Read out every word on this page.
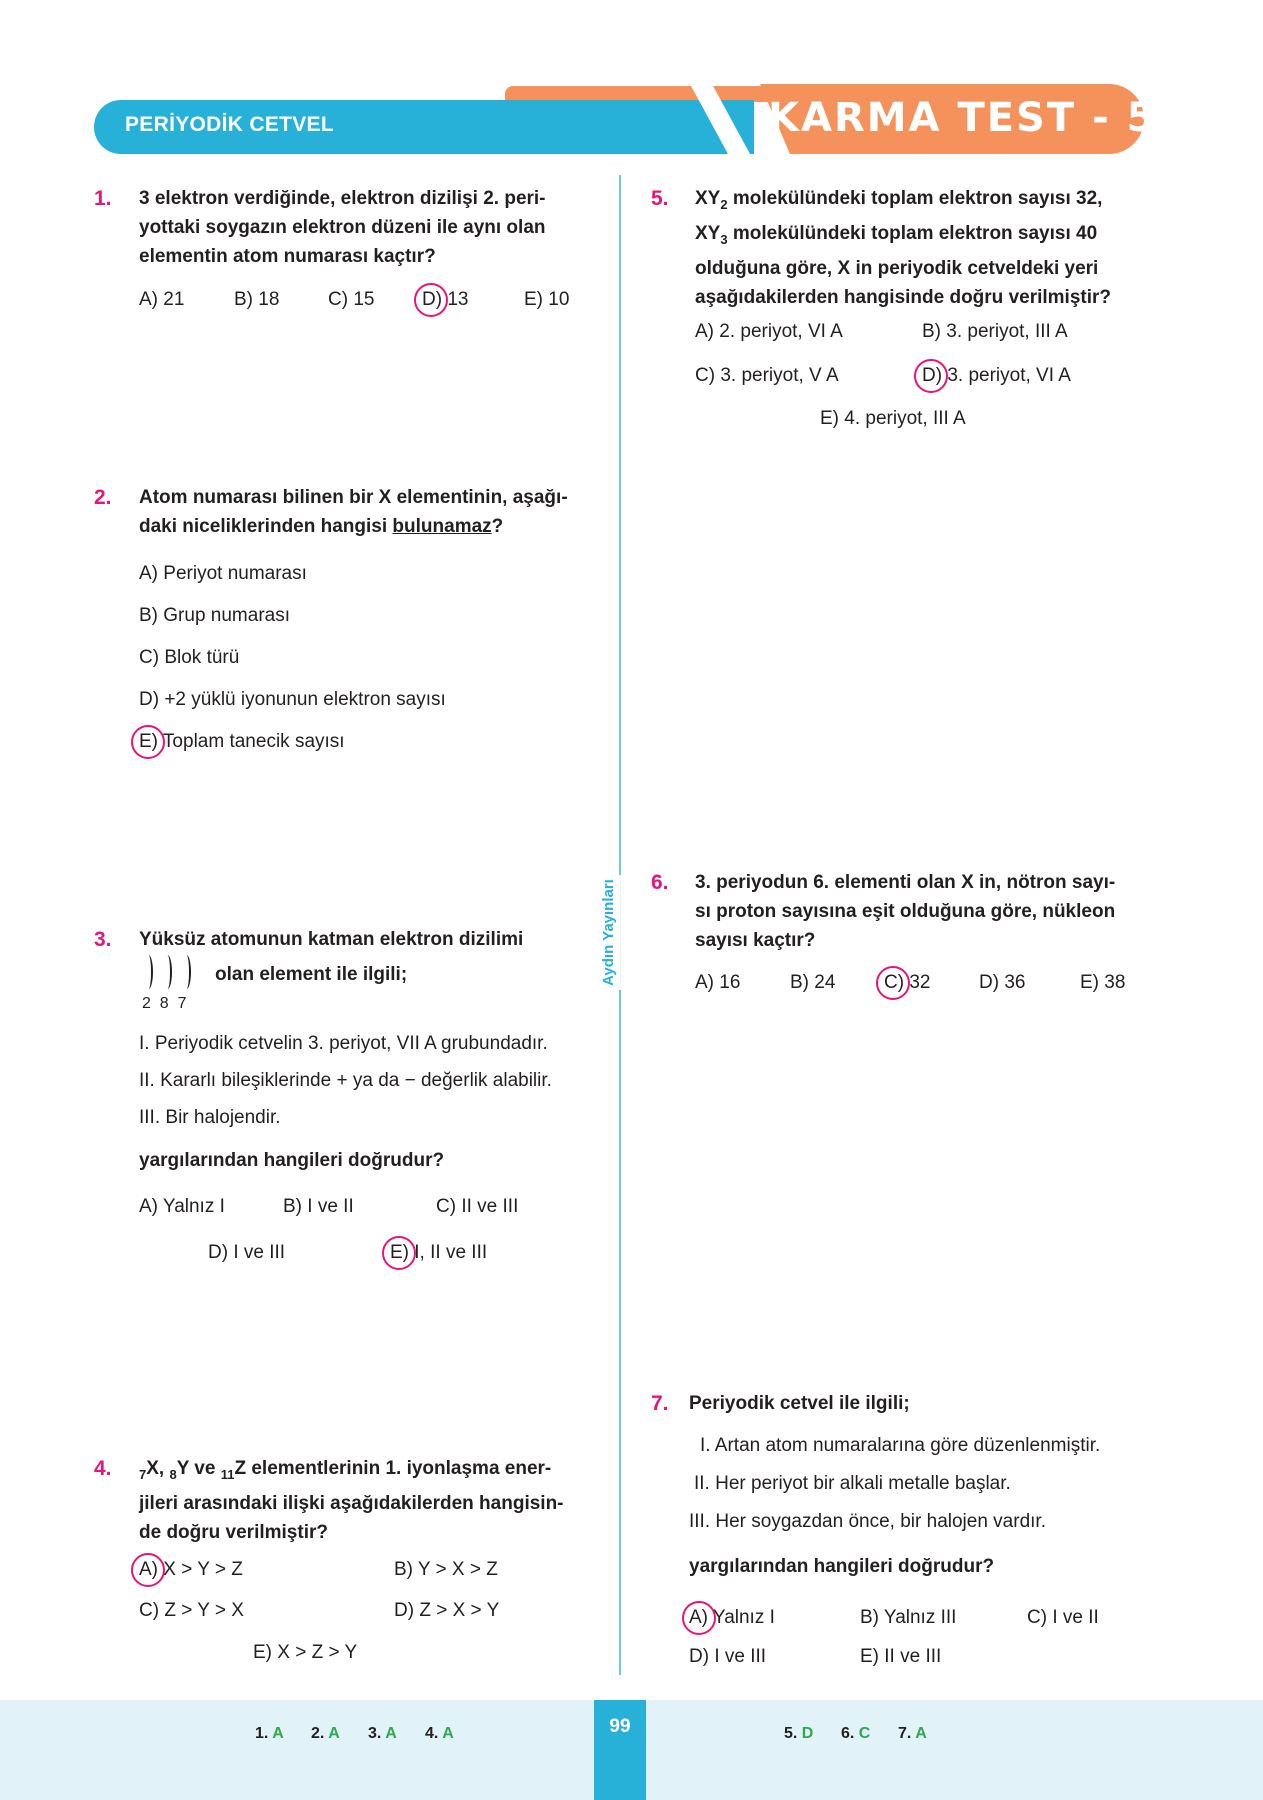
PERİYODİK CETVEL	KARMA TEST - 5
Aydın Yayınları
1. 3 elektron verdiğinde, elektron dizilişi 2. peri-
yottaki soygazın elektron düzeni ile aynı olan
elementin atom numarası kaçtır?
A) 21	B) 18	C) 15	D) 13	E) 10
2. Atom numarası bilinen bir X elementinin, aşağı-
daki niceliklerinden hangisi bulunamaz?
A) Periyot numarası
B) Grup numarası
C) Blok türü
D) +2 yüklü iyonunun elektron sayısı
E) Toplam tanecik sayısı
3. Yüksüz atomunun katman elektron dizilimi
2 8 7
olan element ile ilgili;
I. Periyodik cetvelin 3. periyot, VII A grubundadır.
II. Kararlı bileşiklerinde + ya da − değerlik alabilir.
III. Bir halojendir.
yargılarından hangileri doğrudur?
A) Yalnız I	B) I ve II	C) II ve III
D) I ve III	E) I, II ve III
4. $_7$X, $_8$Y ve $_{11}$Z elementlerinin 1. iyonlaşma ener-
jileri arasındaki ilişki aşağıdakilerden hangisin-
de doğru verilmiştir?
A) X > Y > Z	B) Y > X > Z
C) Z > Y > X	D) Z > X > Y
E) X > Z > Y
5. $XY_2$ molekülündeki toplam elektron sayısı 32,
$XY_3$ molekülündeki toplam elektron sayısı 40
olduğuna göre, X in periyodik cetveldeki yeri
aşağıdakilerden hangisinde doğru verilmiştir?
A) 2. periyot, VI A	B) 3. periyot, III A
C) 3. periyot, V A	D) 3. periyot, VI A
E) 4. periyot, III A
6. 3. periyodun 6. elementi olan X in, nötron sayı-
sı proton sayısına eşit olduğuna göre, nükleon
sayısı kaçtır?
A) 16	B) 24	C) 32	D) 36	E) 38
7. Periyodik cetvel ile ilgili;
I. Artan atom numaralarına göre düzenlenmiştir.
II. Her periyot bir alkali metalle başlar.
III. Her soygazdan önce, bir halojen vardır.
yargılarından hangileri doğrudur?
A) Yalnız I	B) Yalnız III	C) I ve II
D) I ve III	E) II ve III
99
1. A 2. A 3. A 4. A	5. D 6. C 7. A
